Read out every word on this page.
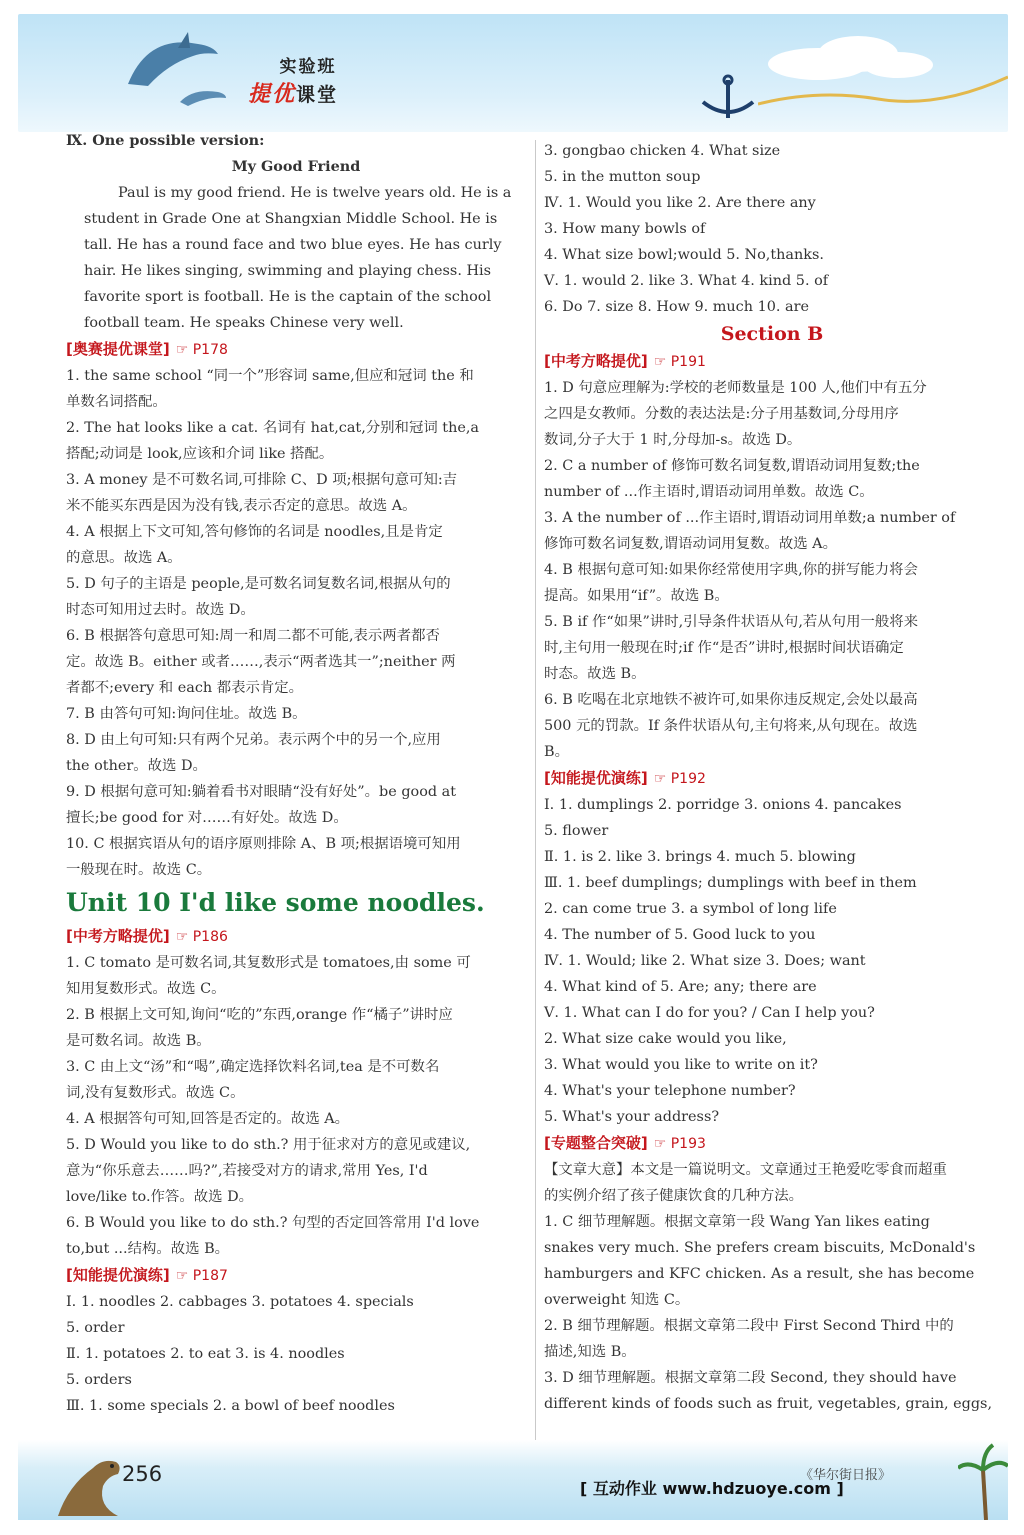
实验班
提优课堂

Ⅸ. One possible version:

My Good Friend

Paul is my good friend. He is twelve years old. He is a

student in Grade One at Shangxian Middle School. He is

tall. He has a round face and two blue eyes. He has curly

hair. He likes singing, swimming and playing chess. His

favorite sport is football. He is the captain of the school

football team. He speaks Chinese very well.

[奥赛提优课堂] ☞ P178

1. the same school “同一个”形容词 same,但应和冠词 the 和

单数名词搭配。

2. The hat looks like a cat. 名词有 hat,cat,分别和冠词 the,a

搭配;动词是 look,应该和介词 like 搭配。

3. A money 是不可数名词,可排除 C、D 项;根据句意可知:吉

米不能买东西是因为没有钱,表示否定的意思。故选 A。

4. A 根据上下文可知,答句修饰的名词是 noodles,且是肯定

的意思。故选 A。

5. D 句子的主语是 people,是可数名词复数名词,根据从句的

时态可知用过去时。故选 D。

6. B 根据答句意思可知:周一和周二都不可能,表示两者都否

定。故选 B。either 或者……,表示“两者选其一”;neither 两

者都不;every 和 each 都表示肯定。

7. B 由答句可知:询问住址。故选 B。

8. D 由上句可知:只有两个兄弟。表示两个中的另一个,应用

the other。故选 D。

9. D 根据句意可知:躺着看书对眼睛“没有好处”。be good at

擅长;be good for 对……有好处。故选 D。

10. C 根据宾语从句的语序原则排除 A、B 项;根据语境可知用

一般现在时。故选 C。

Unit 10 I'd like some noodles.

[中考方略提优] ☞ P186

1. C tomato 是可数名词,其复数形式是 tomatoes,由 some 可

知用复数形式。故选 C。

2. B 根据上文可知,询问“吃的”东西,orange 作“橘子”讲时应

是可数名词。故选 B。

3. C 由上文“汤”和“喝”,确定选择饮料名词,tea 是不可数名

词,没有复数形式。故选 C。

4. A 根据答句可知,回答是否定的。故选 A。

5. D Would you like to do sth.? 用于征求对方的意见或建议,

意为“你乐意去……吗?”,若接受对方的请求,常用 Yes, I'd

love/like to.作答。故选 D。

6. B Would you like to do sth.? 句型的否定回答常用 I'd love

to,but ...结构。故选 B。

[知能提优演练] ☞ P187

Ⅰ. 1. noodles 2. cabbages 3. potatoes 4. specials

5. order

Ⅱ. 1. potatoes 2. to eat 3. is 4. noodles

5. orders

Ⅲ. 1. some specials 2. a bowl of beef noodles

3. gongbao chicken 4. What size

5. in the mutton soup

Ⅳ. 1. Would you like 2. Are there any

3. How many bowls of

4. What size bowl;would 5. No,thanks.

Ⅴ. 1. would 2. like 3. What 4. kind 5. of

6. Do 7. size 8. How 9. much 10. are

Section B

[中考方略提优] ☞ P191

1. D 句意应理解为:学校的老师数量是 100 人,他们中有五分

之四是女教师。分数的表达法是:分子用基数词,分母用序

数词,分子大于 1 时,分母加-s。故选 D。

2. C a number of 修饰可数名词复数,谓语动词用复数;the

number of ...作主语时,谓语动词用单数。故选 C。

3. A the number of ...作主语时,谓语动词用单数;a number of

修饰可数名词复数,谓语动词用复数。故选 A。

4. B 根据句意可知:如果你经常使用字典,你的拼写能力将会

提高。如果用“if”。故选 B。

5. B if 作“如果”讲时,引导条件状语从句,若从句用一般将来

时,主句用一般现在时;if 作“是否”讲时,根据时间状语确定

时态。故选 B。

6. B 吃喝在北京地铁不被许可,如果你违反规定,会处以最高

500 元的罚款。If 条件状语从句,主句将来,从句现在。故选

B。

[知能提优演练] ☞ P192

Ⅰ. 1. dumplings 2. porridge 3. onions 4. pancakes

5. flower

Ⅱ. 1. is 2. like 3. brings 4. much 5. blowing

Ⅲ. 1. beef dumplings; dumplings with beef in them

2. can come true 3. a symbol of long life

4. The number of 5. Good luck to you

Ⅳ. 1. Would; like 2. What size 3. Does; want

4. What kind of 5. Are; any; there are

Ⅴ. 1. What can I do for you? / Can I help you?

2. What size cake would you like,

3. What would you like to write on it?

4. What's your telephone number?

5. What's your address?

[专题整合突破] ☞ P193

【文章大意】本文是一篇说明文。文章通过王艳爱吃零食而超重

的实例介绍了孩子健康饮食的几种方法。

1. C 细节理解题。根据文章第一段 Wang Yan likes eating

snakes very much. She prefers cream biscuits, McDonald's

hamburgers and KFC chicken. As a result, she has become

overweight 知选 C。

2. B 细节理解题。根据文章第二段中 First Second Third 中的

描述,知选 B。

3. D 细节理解题。根据文章第二段 Second, they should have

different kinds of foods such as fruit, vegetables, grain, eggs,

256	《华尔街日报》
[ 互动作业 www.hdzuoye.com ]
